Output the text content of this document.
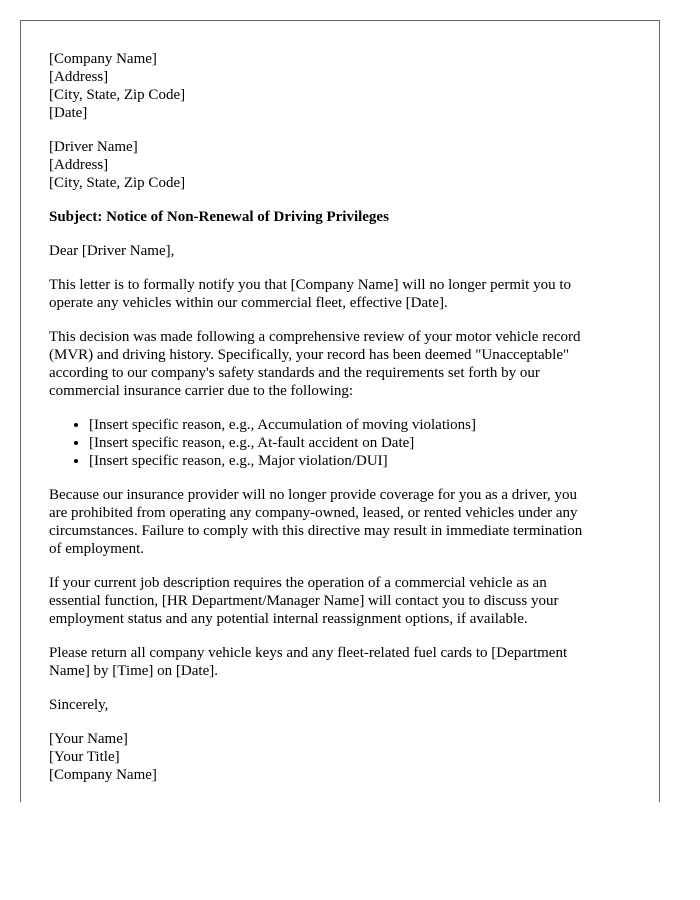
[Company Name]
[Address]
[City, State, Zip Code]
[Date]
[Driver Name]
[Address]
[City, State, Zip Code]
Subject: Notice of Non-Renewal of Driving Privileges
Dear [Driver Name],
This letter is to formally notify you that [Company Name] will no longer permit you to
operate any vehicles within our commercial fleet, effective [Date].
This decision was made following a comprehensive review of your motor vehicle record
(MVR) and driving history. Specifically, your record has been deemed "Unacceptable"
according to our company's safety standards and the requirements set forth by our
commercial insurance carrier due to the following:
• [Insert specific reason, e.g., Accumulation of moving violations]
• [Insert specific reason, e.g., At-fault accident on Date]
• [Insert specific reason, e.g., Major violation/DUI]
Because our insurance provider will no longer provide coverage for you as a driver, you
are prohibited from operating any company-owned, leased, or rented vehicles under any
circumstances. Failure to comply with this directive may result in immediate termination
of employment.
If your current job description requires the operation of a commercial vehicle as an
essential function, [HR Department/Manager Name] will contact you to discuss your
employment status and any potential internal reassignment options, if available.
Please return all company vehicle keys and any fleet-related fuel cards to [Department
Name] by [Time] on [Date].
Sincerely,
[Your Name]
[Your Title]
[Company Name]
